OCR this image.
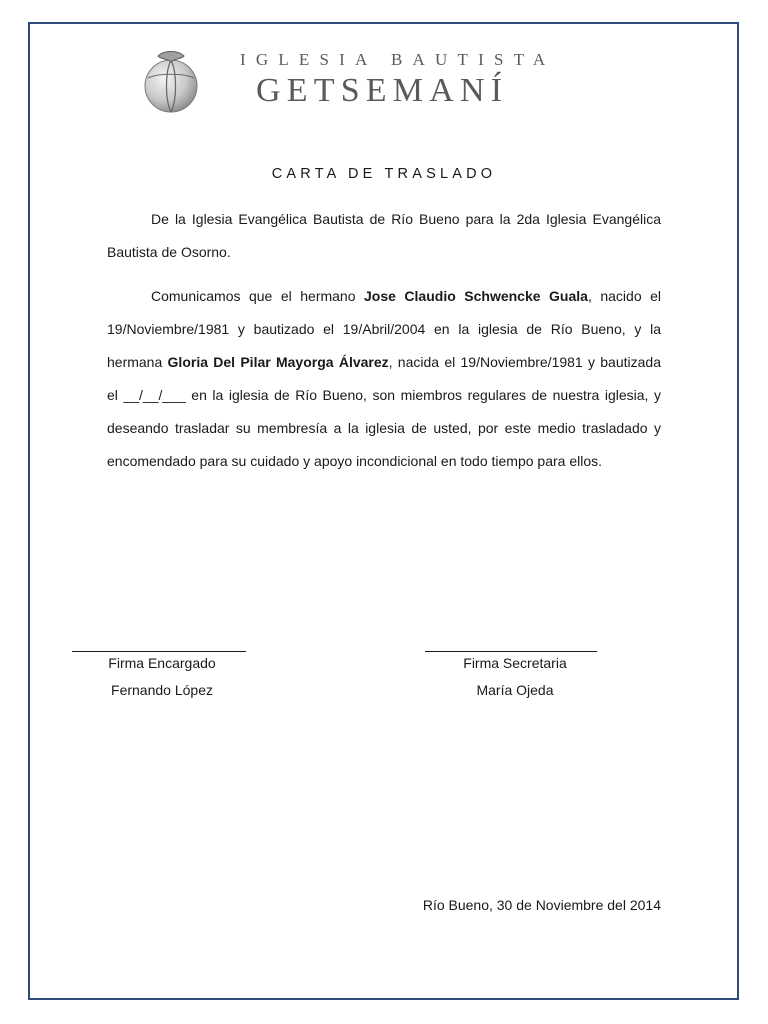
IGLESIA BAUTISTA
GETSEMANÍ
CARTA DE TRASLADO

De la Iglesia Evangélica Bautista de Río Bueno para la 2da Iglesia Evangélica Bautista de Osorno.

Comunicamos que el hermano Jose Claudio Schwencke Guala, nacido el 19/Noviembre/1981 y bautizado el 19/Abril/2004 en la iglesia de Río Bueno, y la hermana Gloria Del Pilar Mayorga Álvarez, nacida el 19/Noviembre/1981 y bautizada el __/__/___ en la iglesia de Río Bueno, son miembros regulares de nuestra iglesia, y deseando trasladar su membresía a la iglesia de usted, por este medio trasladado y encomendado para su cuidado y apoyo incondicional en todo tiempo para ellos.

Firma Encargado
Fernando López
Firma Secretaria
María Ojeda
Río Bueno, 30 de Noviembre del 2014
